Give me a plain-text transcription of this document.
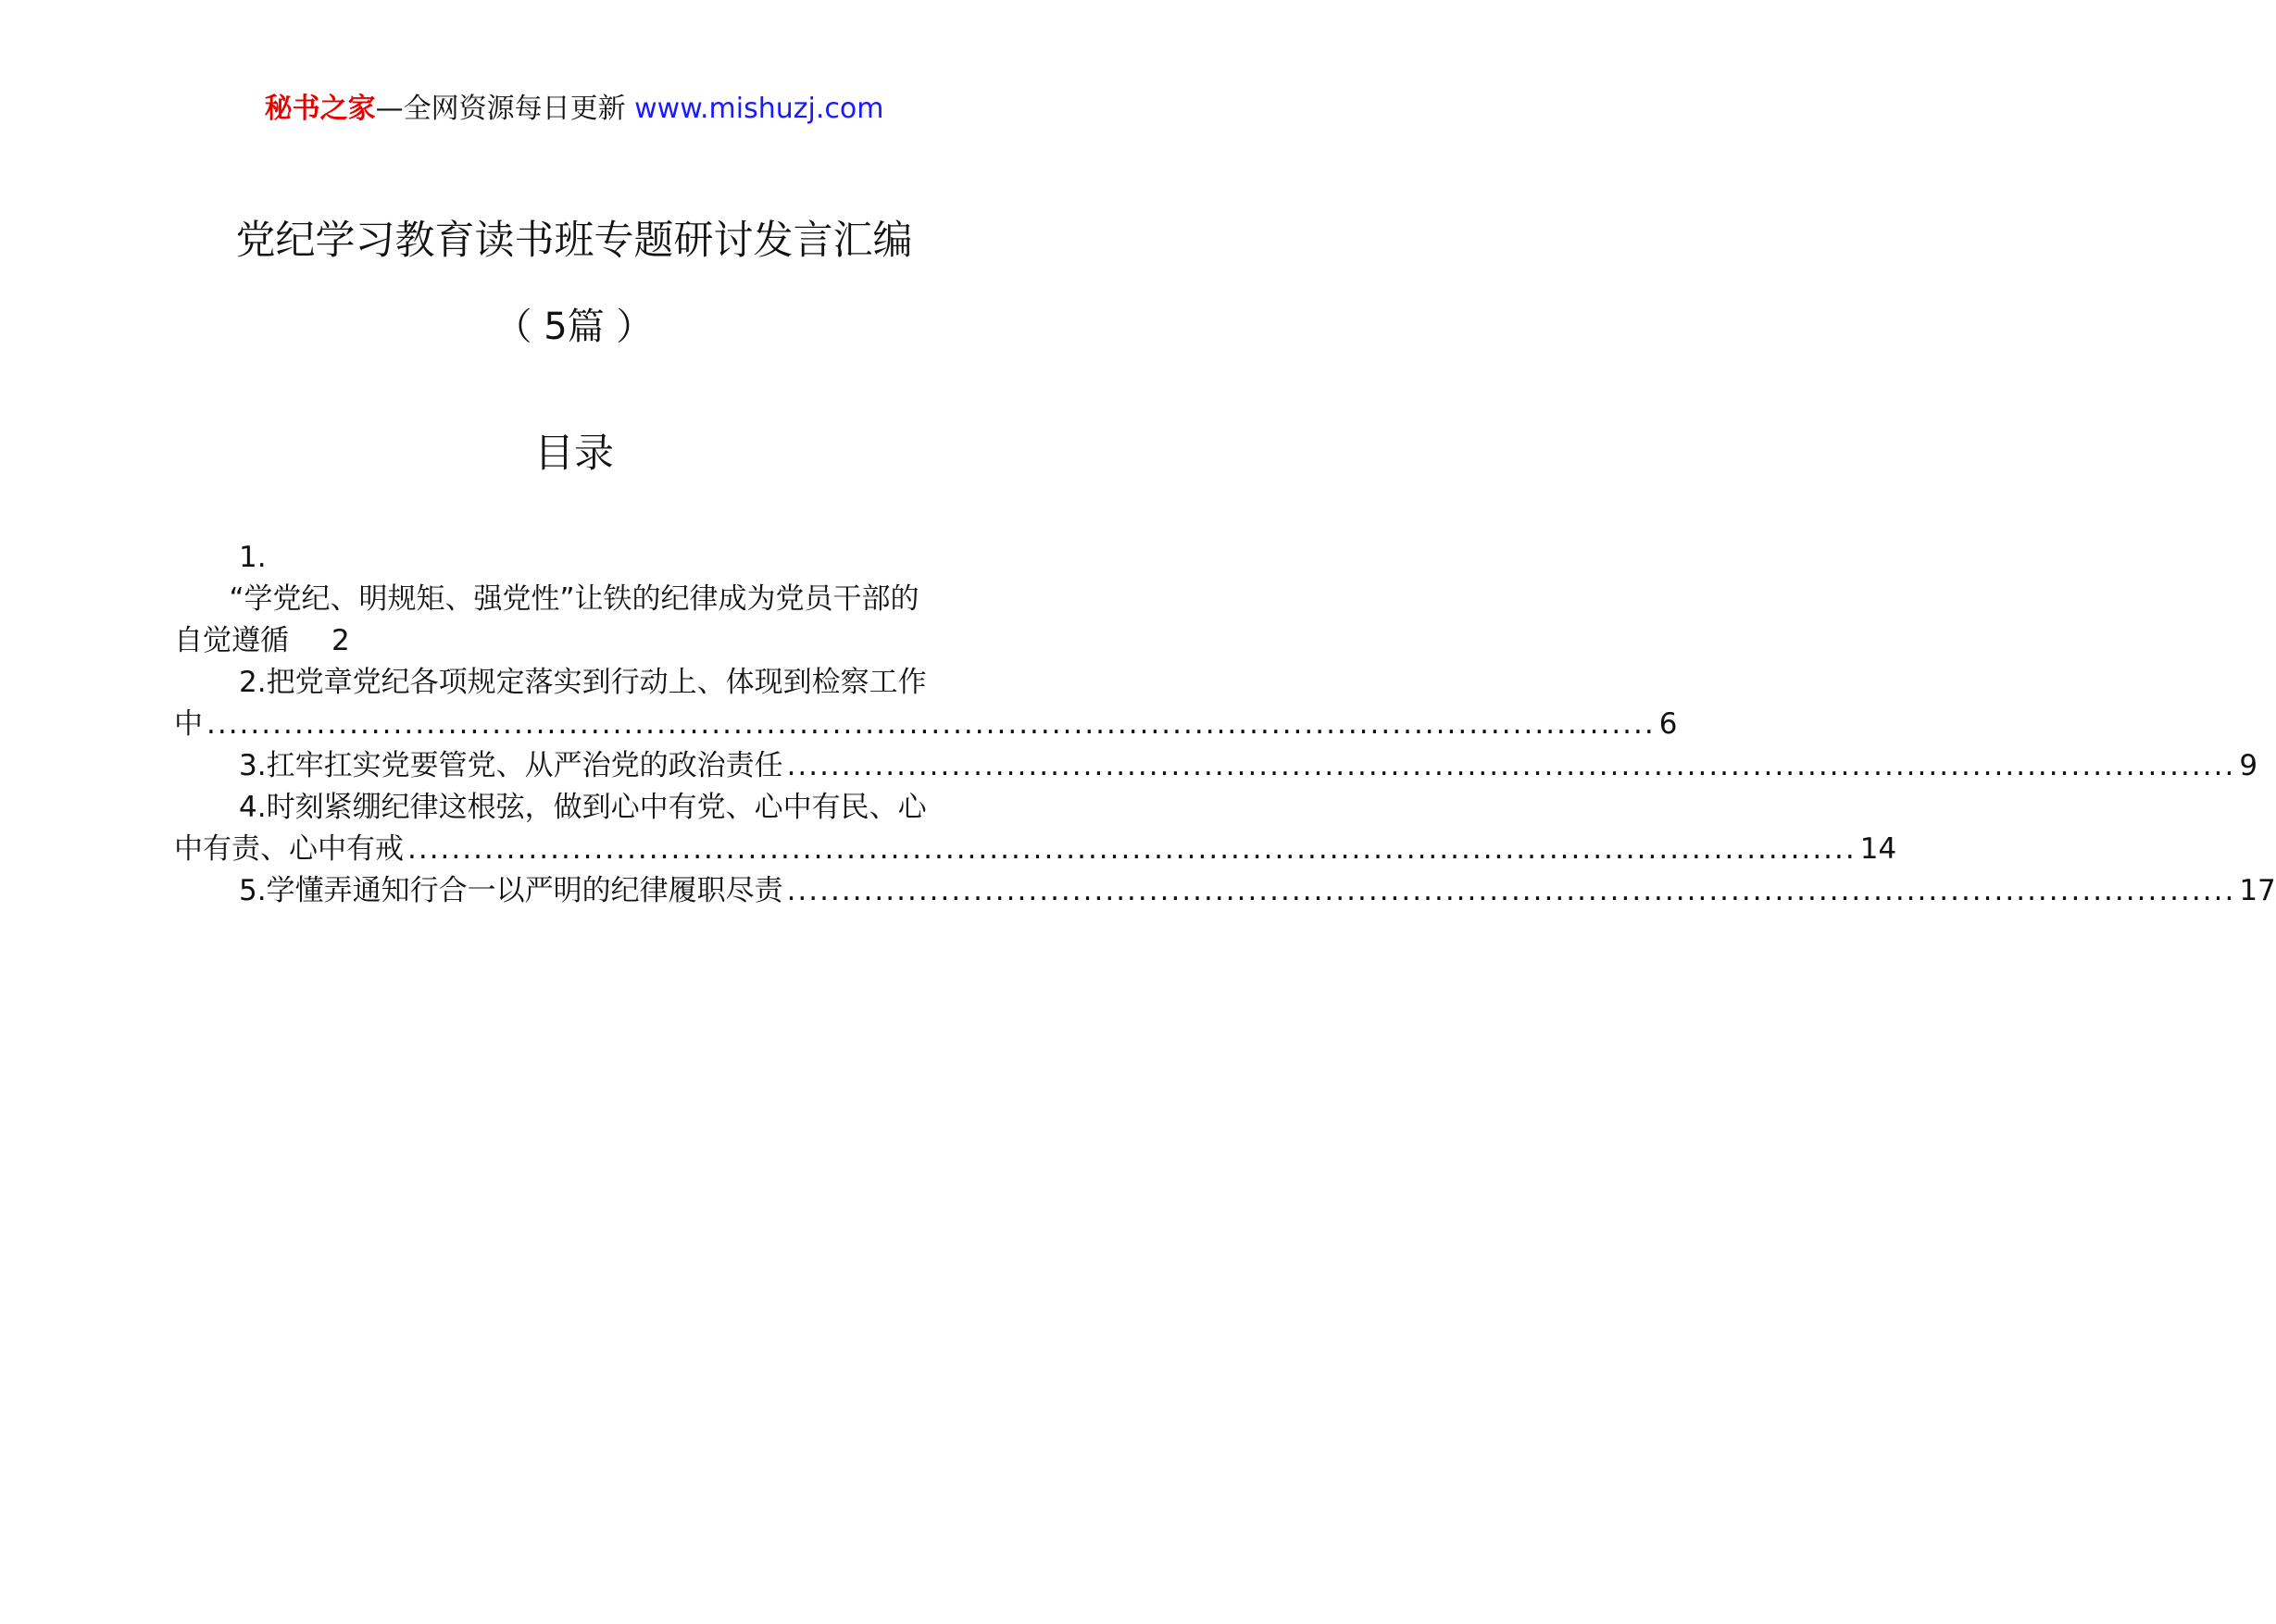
秘书之家—全网资源每日更新 www.mishuzj.com
党纪学习教育读书班专题研讨发言汇编
（ 5篇 ）
目录
1.
“学党纪、明规矩、强党性”让铁的纪律成为党员干部的
自觉遵循 2
2.把党章党纪各项规定落实到行动上、体现到检察工作
中 .................................................................................................................................... 6
3.扛牢扛实党要管党、从严治党的政治责任 .................................................................................................................................... 9
4.时刻紧绷纪律这根弦，做到心中有党、心中有民、心
中有责、心中有戒 .................................................................................................................................... 14
5.学懂弄通知行合一以严明的纪律履职尽责 .................................................................................................................................... 17
